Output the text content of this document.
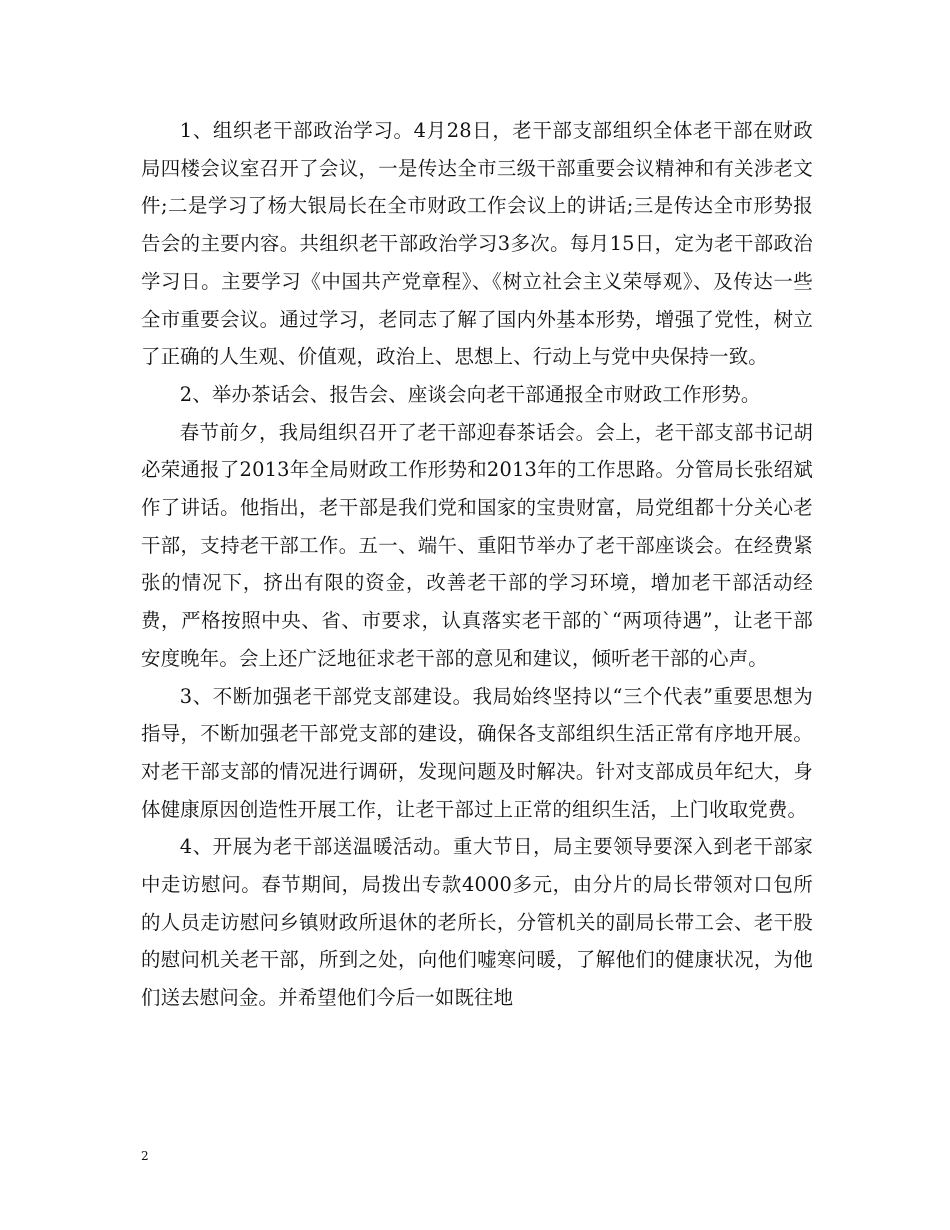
1、组织老干部政治学习。4月28日，老干部支部组织全体老干部在财政局四楼会议室召开了会议，一是传达全市三级干部重要会议精神和有关涉老文件;二是学习了杨大银局长在全市财政工作会议上的讲话;三是传达全市形势报告会的主要内容。共组织老干部政治学习3多次。每月15日，定为老干部政治学习日。主要学习《中国共产党章程》、《树立社会主义荣辱观》、及传达一些全市重要会议。通过学习，老同志了解了国内外基本形势，增强了党性，树立了正确的人生观、价值观，政治上、思想上、行动上与党中央保持一致。

2、举办茶话会、报告会、座谈会向老干部通报全市财政工作形势。

春节前夕，我局组织召开了老干部迎春茶话会。会上，老干部支部书记胡必荣通报了2013年全局财政工作形势和2013年的工作思路。分管局长张绍斌作了讲话。他指出，老干部是我们党和国家的宝贵财富，局党组都十分关心老干部，支持老干部工作。五一、端午、重阳节举办了老干部座谈会。在经费紧张的情况下，挤出有限的资金，改善老干部的学习环境，增加老干部活动经费，严格按照中央、省、市要求，认真落实老干部的`“两项待遇”，让老干部安度晚年。会上还广泛地征求老干部的意见和建议，倾听老干部的心声。

3、不断加强老干部党支部建设。我局始终坚持以“三个代表”重要思想为指导，不断加强老干部党支部的建设，确保各支部组织生活正常有序地开展。对老干部支部的情况进行调研，发现问题及时解决。针对支部成员年纪大，身体健康原因创造性开展工作，让老干部过上正常的组织生活，上门收取党费。

4、开展为老干部送温暖活动。重大节日，局主要领导要深入到老干部家中走访慰问。春节期间，局拨出专款4000多元，由分片的局长带领对口包所的人员走访慰问乡镇财政所退休的老所长，分管机关的副局长带工会、老干股的慰问机关老干部，所到之处，向他们嘘寒问暖，了解他们的健康状况，为他们送去慰问金。并希望他们今后一如既往地

2
